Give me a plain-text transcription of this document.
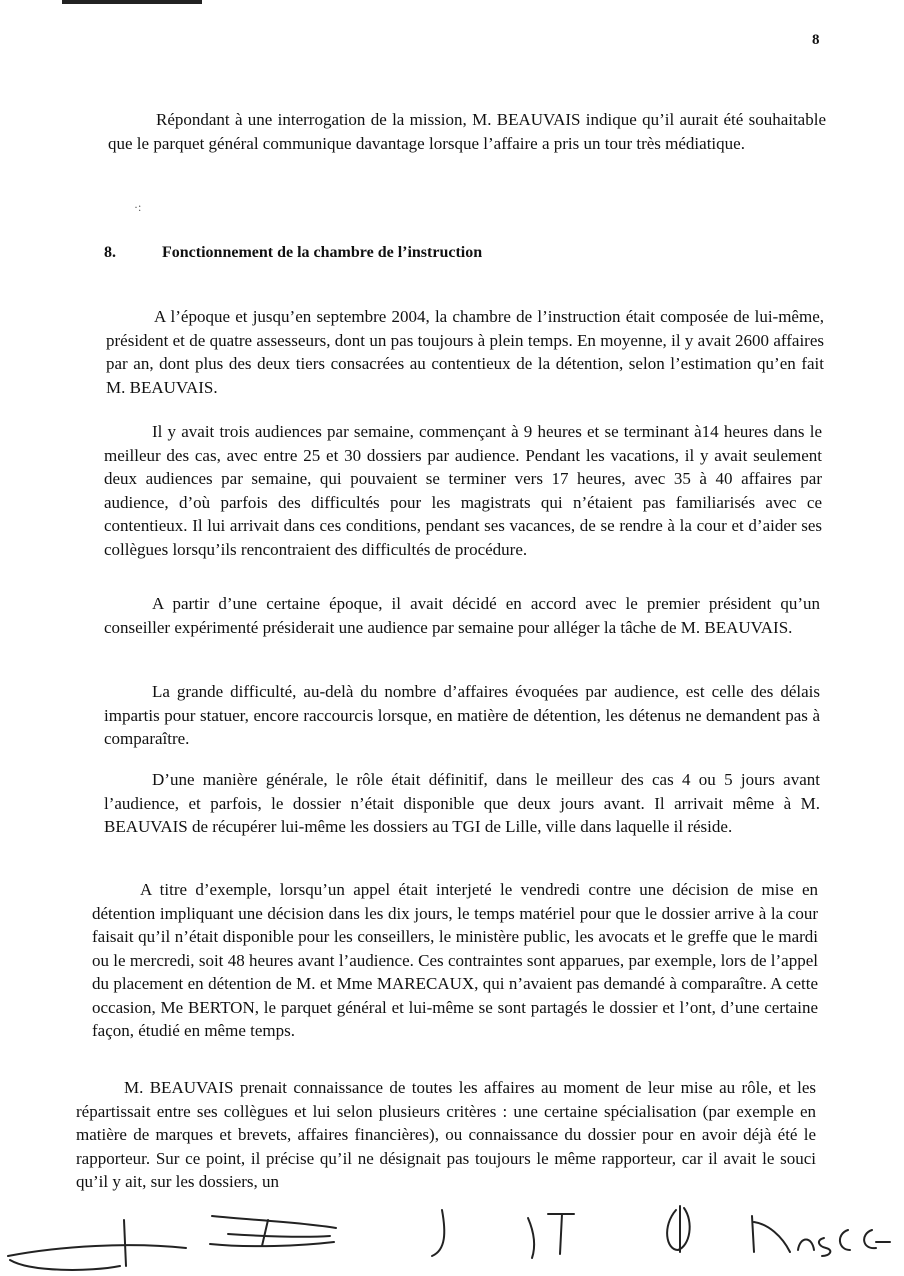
8

Répondant à une interrogation de la mission, M. BEAUVAIS indique qu’il aurait été souhaitable que le parquet général communique davantage lorsque l’affaire a pris un tour très médiatique.

·:
8.	Fonctionnement de la chambre de l’instruction

A l’époque et jusqu’en septembre 2004, la chambre de l’instruction était composée de lui-même, président et de quatre assesseurs, dont un pas toujours à plein temps. En moyenne, il y avait 2600 affaires par an, dont plus des deux tiers consacrées au contentieux de la détention, selon l’estimation qu’en fait M. BEAUVAIS.

Il y avait trois audiences par semaine, commençant à 9 heures et se terminant à14 heures dans le meilleur des cas, avec entre 25 et 30 dossiers par audience. Pendant les vacations, il y avait seulement deux audiences par semaine, qui pouvaient se terminer vers 17 heures, avec 35 à 40 affaires par audience, d’où parfois des difficultés pour les magistrats qui n’étaient pas familiarisés avec ce contentieux. Il lui arrivait dans ces conditions, pendant ses vacances, de se rendre à la cour et d’aider ses collègues lorsqu’ils rencontraient des difficultés de procédure.

A partir d’une certaine époque, il avait décidé en accord avec le premier président qu’un conseiller expérimenté présiderait une audience par semaine pour alléger la tâche de M. BEAUVAIS.

La grande difficulté, au-delà du nombre d’affaires évoquées par audience, est celle des délais impartis pour statuer, encore raccourcis lorsque, en matière de détention, les détenus ne demandent pas à comparaître.

D’une manière générale, le rôle était définitif, dans le meilleur des cas 4 ou 5 jours avant l’audience, et parfois, le dossier n’était disponible que deux jours avant. Il arrivait même à M. BEAUVAIS de récupérer lui-même les dossiers au TGI de Lille, ville dans laquelle il réside.

A titre d’exemple, lorsqu’un appel était interjeté le vendredi contre une décision de mise en détention impliquant une décision dans les dix jours, le temps matériel pour que le dossier arrive à la cour faisait qu’il n’était disponible pour les conseillers, le ministère public, les avocats et le greffe que le mardi ou le mercredi, soit 48 heures avant l’audience. Ces contraintes sont apparues, par exemple, lors de l’appel du placement en détention de M. et Mme MARECAUX, qui n’avaient pas demandé à comparaître. A cette occasion, Me BERTON, le parquet général et lui-même se sont partagés le dossier et l’ont, d’une certaine façon, étudié en même temps.

M. BEAUVAIS prenait connaissance de toutes les affaires au moment de leur mise au rôle, et les répartissait entre ses collègues et lui selon plusieurs critères : une certaine spécialisation (par exemple en matière de marques et brevets, affaires financières), ou connaissance du dossier pour en avoir déjà été le rapporteur. Sur ce point, il précise qu’il ne désignait pas toujours le même rapporteur, car il avait le souci qu’il y ait, sur les dossiers, un
